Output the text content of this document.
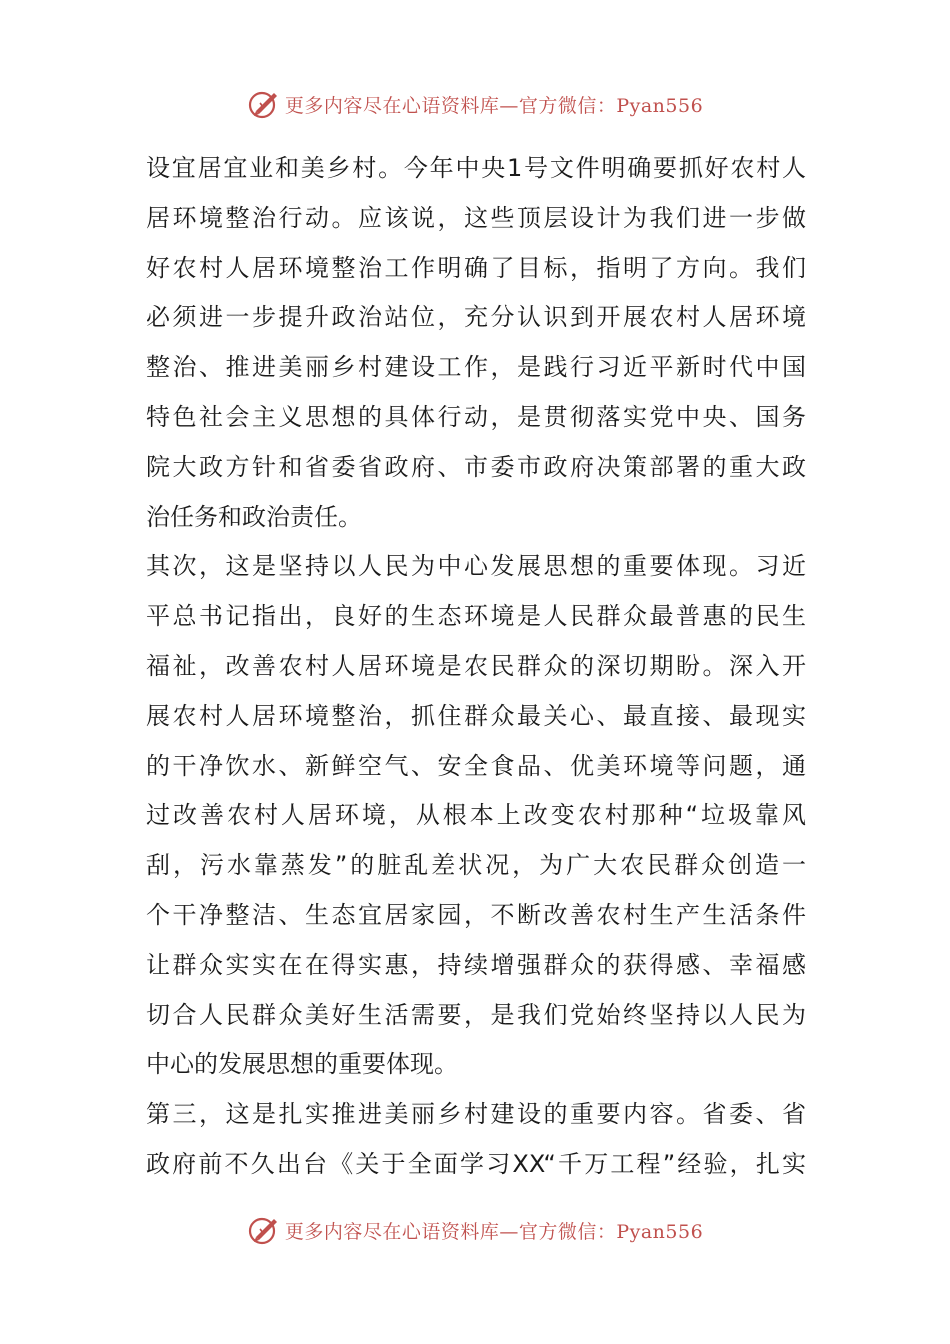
更多内容尽在心语资料库—官方微信：Pyan556
设宜居宜业和美乡村。今年中央1号文件明确要抓好农村人
居环境整治行动。应该说，这些顶层设计为我们进一步做
好农村人居环境整治工作明确了目标，指明了方向。我们
必须进一步提升政治站位，充分认识到开展农村人居环境
整治、推进美丽乡村建设工作，是践行习近平新时代中国
特色社会主义思想的具体行动，是贯彻落实党中央、国务
院大政方针和省委省政府、市委市政府决策部署的重大政
治任务和政治责任。
其次，这是坚持以人民为中心发展思想的重要体现。习近
平总书记指出，良好的生态环境是人民群众最普惠的民生
福祉，改善农村人居环境是农民群众的深切期盼。深入开
展农村人居环境整治，抓住群众最关心、最直接、最现实
的干净饮水、新鲜空气、安全食品、优美环境等问题，通
过改善农村人居环境，从根本上改变农村那种“垃圾靠风
刮，污水靠蒸发”的脏乱差状况，为广大农民群众创造一
个干净整洁、生态宜居家园，不断改善农村生产生活条件
让群众实实在在得实惠，持续增强群众的获得感、幸福感
切合人民群众美好生活需要，是我们党始终坚持以人民为
中心的发展思想的重要体现。
第三，这是扎实推进美丽乡村建设的重要内容。省委、省
政府前不久出台《关于全面学习XX“千万工程”经验，扎实
更多内容尽在心语资料库—官方微信：Pyan556
